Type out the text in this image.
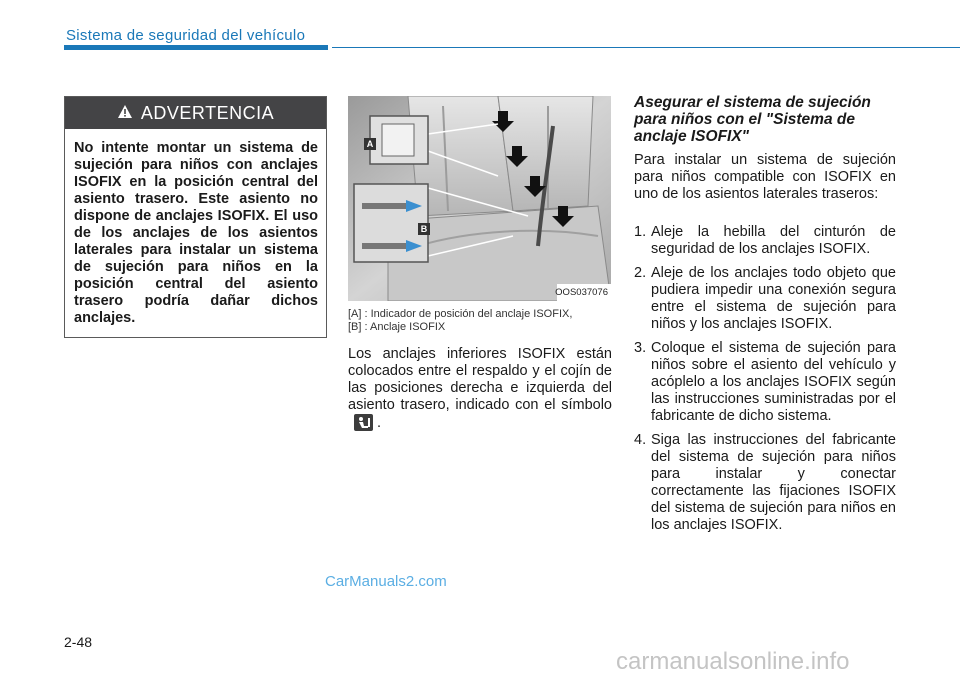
Sistema de seguridad del vehículo
ADVERTENCIA
No intente montar un sistema de sujeción para niños con anclajes ISOFIX en la posición central del asiento trasero. Este asiento no dispone de anclajes ISOFIX. El uso de los anclajes de los asientos laterales para instalar un sistema de sujeción para niños en la posición central del asiento trasero podría dañar dichos anclajes.
A
B
OOS037076
[A] : Indicador de posición del anclaje ISOFIX,
[B] : Anclaje ISOFIX
Los anclajes inferiores ISOFIX están colocados entre el respaldo y el cojín de las posiciones derecha e izquierda del asiento trasero, indicado con el símbolo.
Asegurar el sistema de sujeción para niños con el "Sistema de anclaje ISOFIX"
Para instalar un sistema de sujeción para niños compatible con ISOFIX en uno de los asientos laterales traseros:
1. Aleje la hebilla del cinturón de seguridad de los anclajes ISOFIX.
2. Aleje de los anclajes todo objeto que pudiera impedir una conexión segura entre el sistema de sujeción para niños y los anclajes ISOFIX.
3. Coloque el sistema de sujeción para niños sobre el asiento del vehículo y acóplelo a los anclajes ISOFIX según las instrucciones suministradas por el fabricante de dicho sistema.
4. Siga las instrucciones del fabricante del sistema de sujeción para niños para instalar y conectar correctamente las fijaciones ISOFIX del sistema de sujeción para niños en los anclajes ISOFIX.
CarManuals2.com
2-48
carmanualsonline.info
